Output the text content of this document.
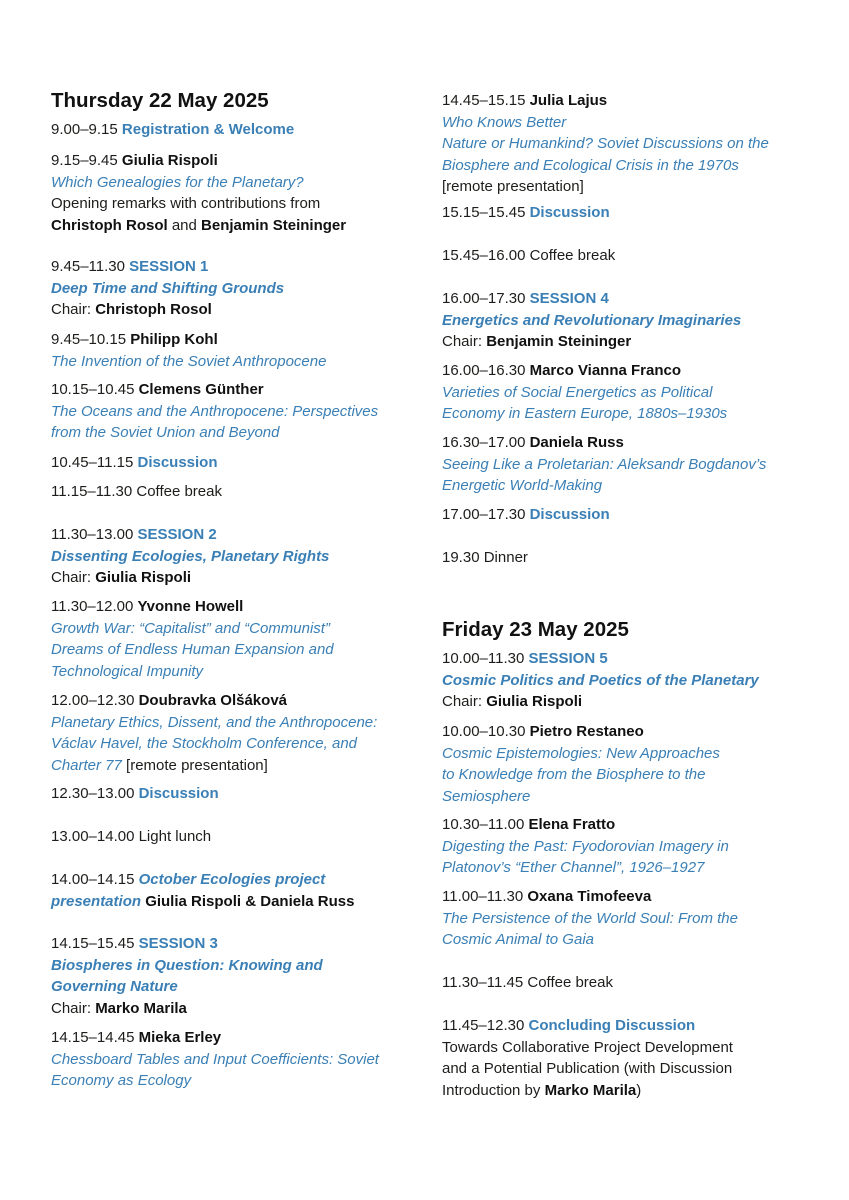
Thursday 22 May 2025
9.00–9.15 Registration & Welcome
9.15–9.45 Giulia Rispoli
Which Genealogies for the Planetary?
Opening remarks with contributions from
Christoph Rosol and Benjamin Steininger
9.45–11.30 SESSION 1
Deep Time and Shifting Grounds
Chair: Christoph Rosol
9.45–10.15 Philipp Kohl
The Invention of the Soviet Anthropocene
10.15–10.45 Clemens Günther
The Oceans and the Anthropocene: Perspectives
from the Soviet Union and Beyond
10.45–11.15 Discussion
11.15–11.30 Coffee break
11.30–13.00 SESSION 2
Dissenting Ecologies, Planetary Rights
Chair: Giulia Rispoli
11.30–12.00 Yvonne Howell
Growth War: “Capitalist” and “Communist”
Dreams of Endless Human Expansion and
Technological Impunity
12.00–12.30 Doubravka Olšáková
Planetary Ethics, Dissent, and the Anthropocene:
Václav Havel, the Stockholm Conference, and
Charter 77 [remote presentation]
12.30–13.00 Discussion
13.00–14.00 Light lunch
14.00–14.15 October Ecologies project
presentation Giulia Rispoli & Daniela Russ
14.15–15.45 SESSION 3
Biospheres in Question: Knowing and
Governing Nature
Chair: Marko Marila
14.15–14.45 Mieka Erley
Chessboard Tables and Input Coefficients: Soviet
Economy as Ecology
14.45–15.15 Julia Lajus
Who Knows Better
Nature or Humankind? Soviet Discussions on the
Biosphere and Ecological Crisis in the 1970s
[remote presentation]
15.15–15.45 Discussion
15.45–16.00 Coffee break
16.00–17.30 SESSION 4
Energetics and Revolutionary Imaginaries
Chair: Benjamin Steininger
16.00–16.30 Marco Vianna Franco
Varieties of Social Energetics as Political
Economy in Eastern Europe, 1880s–1930s
16.30–17.00 Daniela Russ
Seeing Like a Proletarian: Aleksandr Bogdanov’s
Energetic World-Making
17.00–17.30 Discussion
19.30 Dinner
Friday 23 May 2025
10.00–11.30 SESSION 5
Cosmic Politics and Poetics of the Planetary
Chair: Giulia Rispoli
10.00–10.30 Pietro Restaneo
Cosmic Epistemologies: New Approaches
to Knowledge from the Biosphere to the
Semiosphere
10.30–11.00 Elena Fratto
Digesting the Past: Fyodorovian Imagery in
Platonov’s “Ether Channel”, 1926–1927
11.00–11.30 Oxana Timofeeva
The Persistence of the World Soul: From the
Cosmic Animal to Gaia
11.30–11.45 Coffee break
11.45–12.30 Concluding Discussion
Towards Collaborative Project Development
and a Potential Publication (with Discussion
Introduction by Marko Marila)
